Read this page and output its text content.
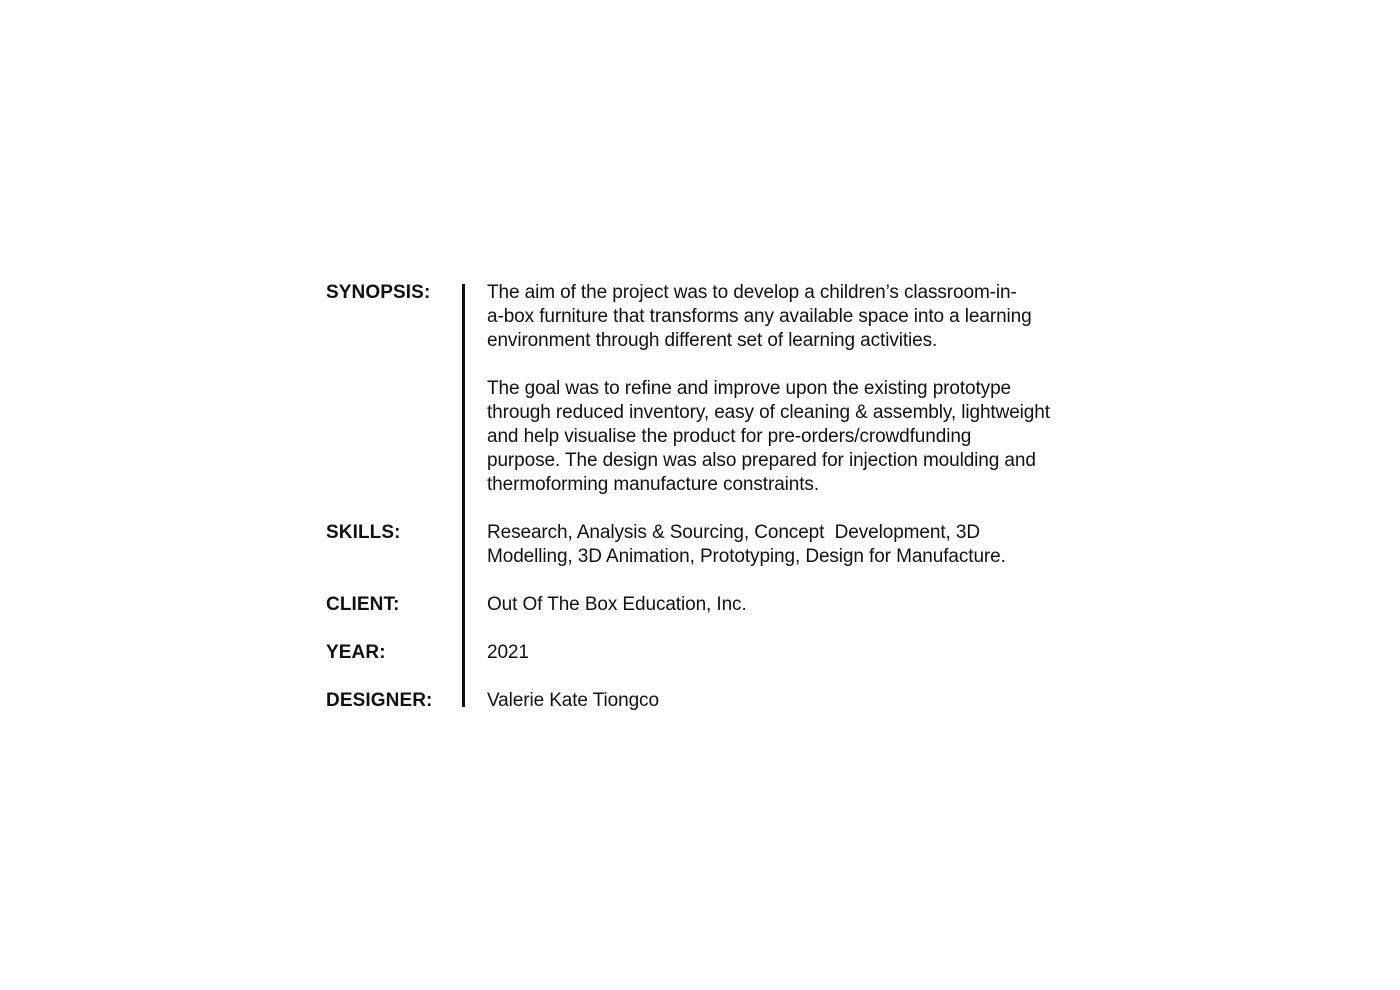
SYNOPSIS:	The aim of the project was to develop a children’s classroom-in-
a-box furniture that transforms any available space into a learning
environment through different set of learning activities.
The goal was to refine and improve upon the existing prototype
through reduced inventory, easy of cleaning & assembly, lightweight
and help visualise the product for pre-orders/crowdfunding
purpose. The design was also prepared for injection moulding and
thermoforming manufacture constraints.
SKILLS:	Research, Analysis & Sourcing, Concept  Development, 3D
Modelling, 3D Animation, Prototyping, Design for Manufacture.
CLIENT:	Out Of The Box Education, Inc.
YEAR:	2021
DESIGNER:	Valerie Kate Tiongco
